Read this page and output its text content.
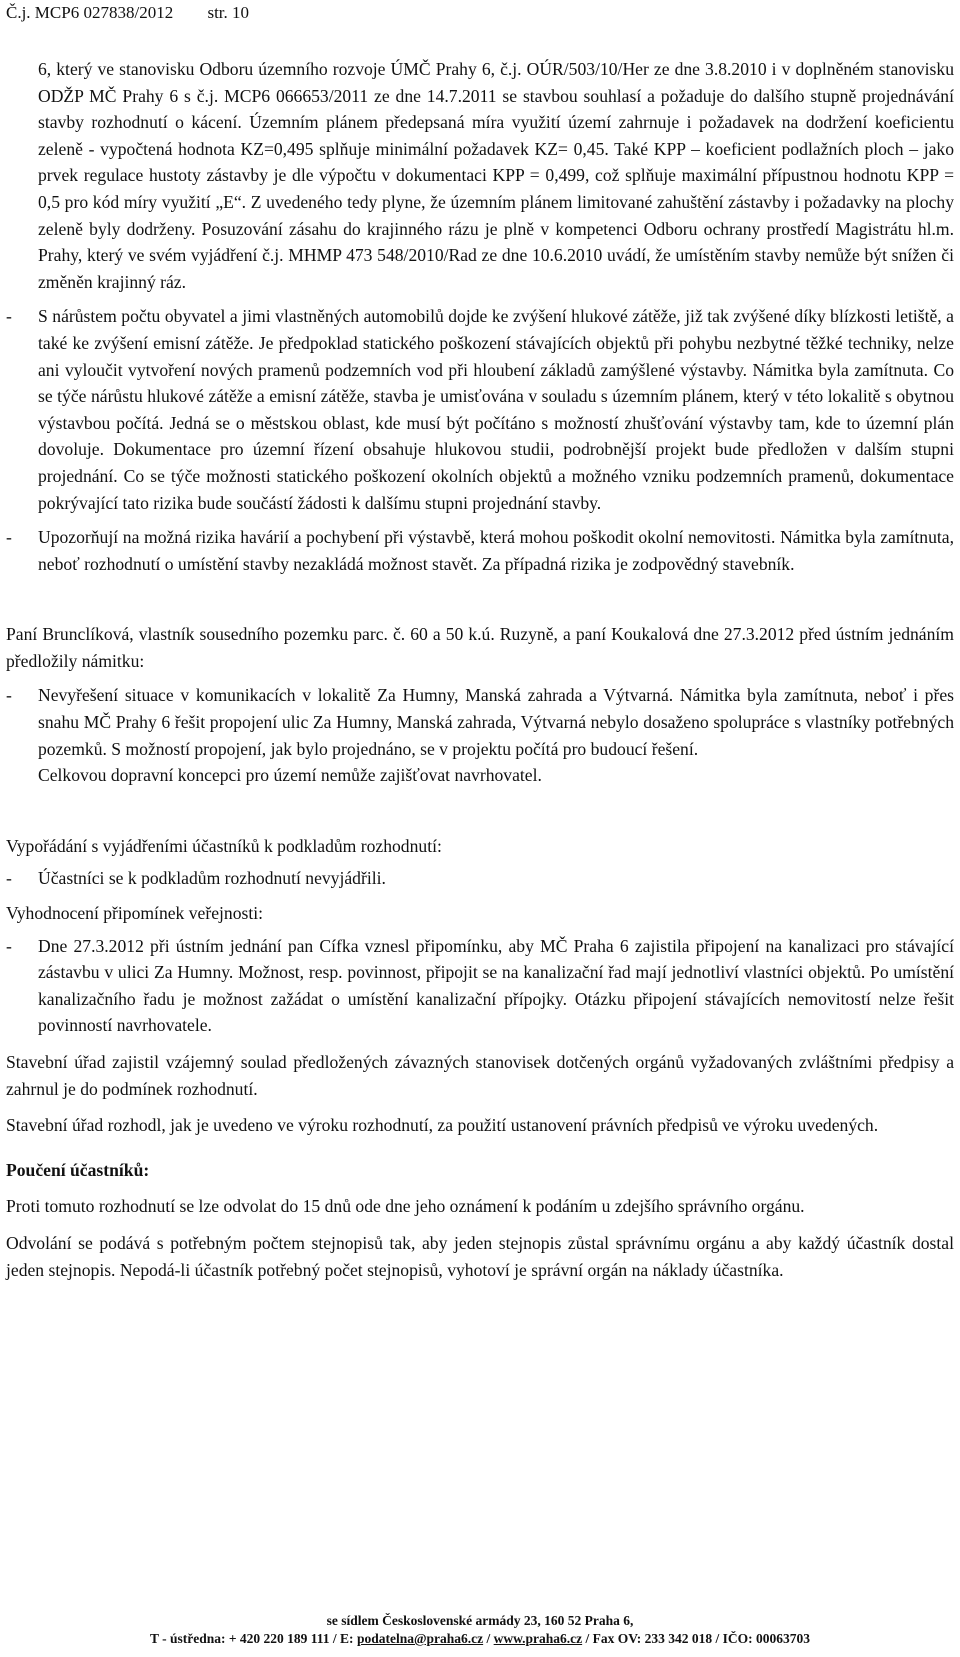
Č.j. MCP6 027838/2012 str. 10

6, který ve stanovisku Odboru územního rozvoje ÚMČ Prahy 6, č.j. OÚR/503/10/Her ze dne 3.8.2010 i v doplněném stanovisku ODŽP MČ Prahy 6 s č.j. MCP6 066653/2011 ze dne 14.7.2011 se stavbou souhlasí a požaduje do dalšího stupně projednávání stavby rozhodnutí o kácení. Územním plánem předepsaná míra využití území zahrnuje i požadavek na dodržení koeficientu zeleně - vypočtená hodnota KZ=0,495 splňuje minimální požadavek KZ= 0,45. Také KPP – koeficient podlažních ploch – jako prvek regulace hustoty zástavby je dle výpočtu v dokumentaci KPP = 0,499, což splňuje maximální přípustnou hodnotu KPP = 0,5 pro kód míry využití „E“. Z uvedeného tedy plyne, že územním plánem limitované zahuštění zástavby i požadavky na plochy zeleně byly dodrženy. Posuzování zásahu do krajinného rázu je plně v kompetenci Odboru ochrany prostředí Magistrátu hl.m. Prahy, který ve svém vyjádření č.j. MHMP 473 548/2010/Rad ze dne 10.6.2010 uvádí, že umístěním stavby nemůže být snížen či změněn krajinný ráz.

- S nárůstem počtu obyvatel a jimi vlastněných automobilů dojde ke zvýšení hlukové zátěže, již tak zvýšené díky blízkosti letiště, a také ke zvýšení emisní zátěže. Je předpoklad statického poškození stávajících objektů při pohybu nezbytné těžké techniky, nelze ani vyloučit vytvoření nových pramenů podzemních vod při hloubení základů zamýšlené výstavby. Námitka byla zamítnuta. Co se týče nárůstu hlukové zátěže a emisní zátěže, stavba je umisťována v souladu s územním plánem, který v této lokalitě s obytnou výstavbou počítá. Jedná se o městskou oblast, kde musí být počítáno s možností zhušťování výstavby tam, kde to územní plán dovoluje. Dokumentace pro územní řízení obsahuje hlukovou studii, podrobnější projekt bude předložen v dalším stupni projednání. Co se týče možnosti statického poškození okolních objektů a možného vzniku podzemních pramenů, dokumentace pokrývající tato rizika bude součástí žádosti k dalšímu stupni projednání stavby.

- Upozorňují na možná rizika havárií a pochybení při výstavbě, která mohou poškodit okolní nemovitosti. Námitka byla zamítnuta, neboť rozhodnutí o umístění stavby nezakládá možnost stavět. Za případná rizika je zodpovědný stavebník.

Paní Brunclíková, vlastník sousedního pozemku parc. č. 60 a 50 k.ú. Ruzyně, a paní Koukalová dne 27.3.2012 před ústním jednáním předložily námitku:

- Nevyřešení situace v komunikacích v lokalitě Za Humny, Manská zahrada a Výtvarná. Námitka byla zamítnuta, neboť i přes snahu MČ Prahy 6 řešit propojení ulic Za Humny, Manská zahrada, Výtvarná nebylo dosaženo spolupráce s vlastníky potřebných pozemků. S možností propojení, jak bylo projednáno, se v projektu počítá pro budoucí řešení.

Celkovou dopravní koncepci pro území nemůže zajišťovat navrhovatel.

Vypořádání s vyjádřeními účastníků k podkladům rozhodnutí:

- Účastníci se k podkladům rozhodnutí nevyjádřili.

Vyhodnocení připomínek veřejnosti:

- Dne 27.3.2012 při ústním jednání pan Cífka vznesl připomínku, aby MČ Praha 6 zajistila připojení na kanalizaci pro stávající zástavbu v ulici Za Humny. Možnost, resp. povinnost, připojit se na kanalizační řad mají jednotliví vlastníci objektů. Po umístění kanalizačního řadu je možnost zažádat o umístění kanalizační přípojky. Otázku připojení stávajících nemovitostí nelze řešit povinností navrhovatele.

Stavební úřad zajistil vzájemný soulad předložených závazných stanovisek dotčených orgánů vyžadovaných zvláštními předpisy a zahrnul je do podmínek rozhodnutí.

Stavební úřad rozhodl, jak je uvedeno ve výroku rozhodnutí, za použití ustanovení právních předpisů ve výroku uvedených.

Poučení účastníků:

Proti tomuto rozhodnutí se lze odvolat do 15 dnů ode dne jeho oznámení k podáním u zdejšího správního orgánu.

Odvolání se podává s potřebným počtem stejnopisů tak, aby jeden stejnopis zůstal správnímu orgánu a aby každý účastník dostal jeden stejnopis. Nepodá-li účastník potřebný počet stejnopisů, vyhotoví je správní orgán na náklady účastníka.

se sídlem Československé armády 23, 160 52 Praha 6,
T - ústředna: + 420 220 189 111 / E: podatelna@praha6.cz / www.praha6.cz / Fax OV: 233 342 018 / IČO: 00063703
